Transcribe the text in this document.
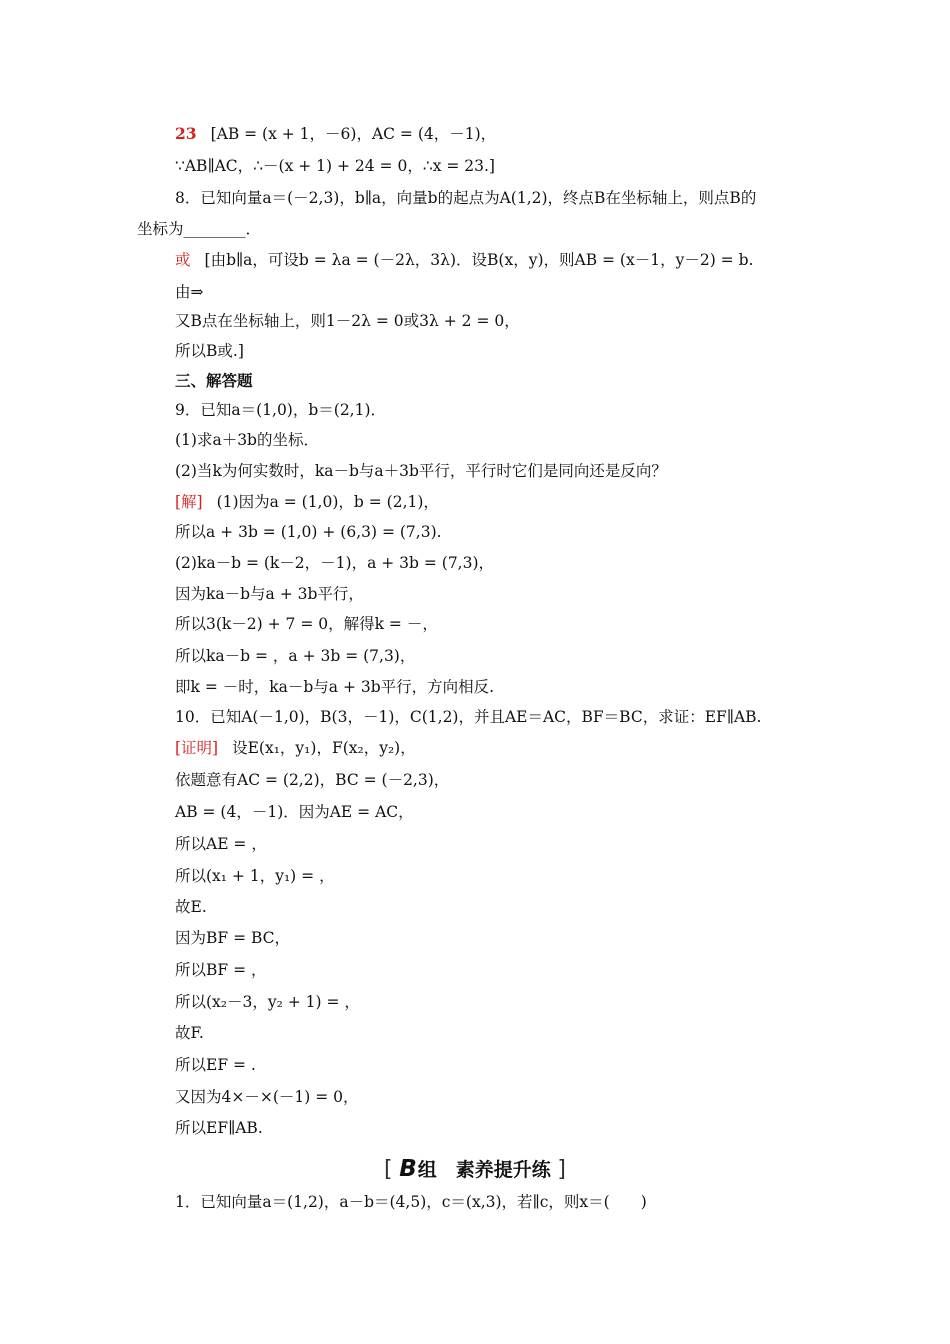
23 [AB = (x + 1，－6)，AC = (4，－1)，
∵AB∥AC，∴－(x + 1) + 24 = 0，∴x = 23.]
8．已知向量a＝(－2,3)，b∥a，向量b的起点为A(1,2)，终点B在坐标轴上，则点B的
坐标为________．
或 [由b∥a，可设b = λa = (－2λ，3λ)．设B(x，y)，则AB = (x－1，y－2) = b.
由⇒
又B点在坐标轴上，则1－2λ = 0或3λ + 2 = 0，
所以B或.]
三、解答题
9．已知a＝(1,0)，b＝(2,1)．
(1)求a＋3b的坐标．
(2)当k为何实数时，ka－b与a＋3b平行，平行时它们是同向还是反向？
[解] (1)因为a = (1,0)，b = (2,1)，
所以a + 3b = (1,0) + (6,3) = (7,3).
(2)ka－b = (k－2，－1)，a + 3b = (7,3)，
因为ka－b与a + 3b平行，
所以3(k－2) + 7 = 0，解得k = －，
所以ka－b = ，a + 3b = (7,3)，
即k = －时，ka－b与a + 3b平行，方向相反.
10．已知A(－1,0)，B(3，－1)，C(1,2)，并且AE＝AC，BF＝BC，求证：EF∥AB.
[证明] 设E(x₁，y₁)，F(x₂，y₂)，
依题意有AC = (2,2)，BC = (－2,3)，
AB = (4，－1)．因为AE = AC，
所以AE = ，
所以(x₁ + 1，y₁) = ，
故E.
因为BF = BC，
所以BF = ，
所以(x₂－3，y₂ + 1) = ，
故F.
所以EF = .
又因为4×－×(－1) = 0，
所以EF∥AB.
1．已知向量a＝(1,2)，a－b＝(4,5)，c＝(x,3)，若∥c，则x＝(　　)
[ B组　素养提升练 ]
